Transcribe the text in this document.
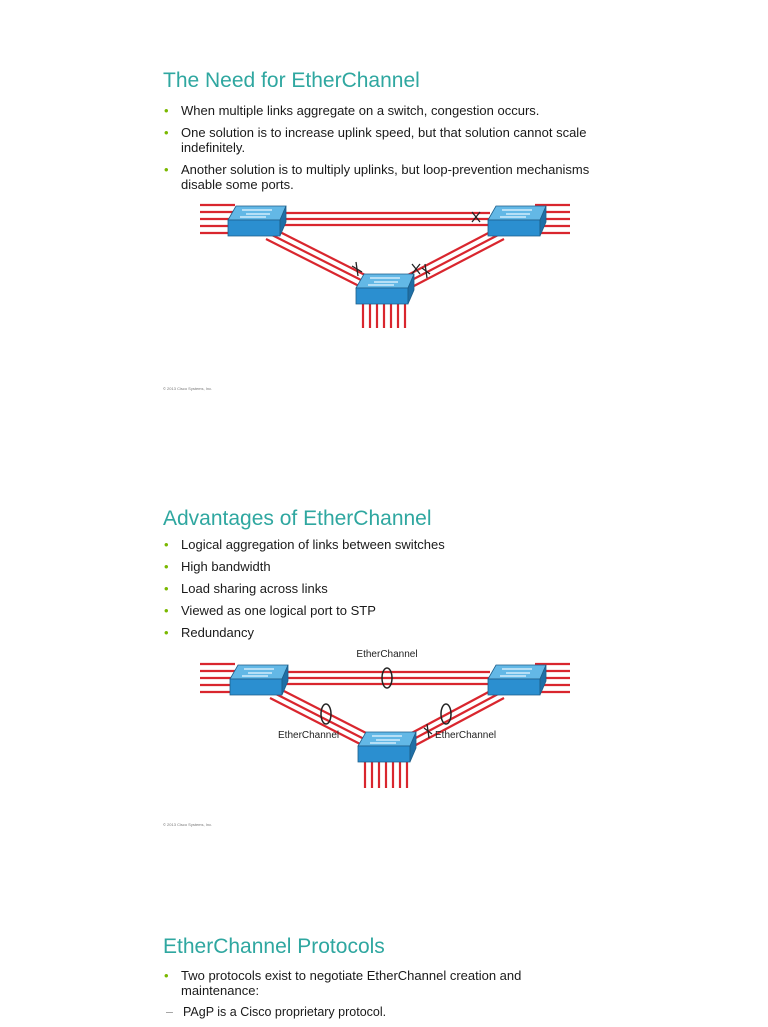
The Need for EtherChannel
• When multiple links aggregate on a switch, congestion occurs.
• One solution is to increase uplink speed, but that solution cannot scale indefinitely.
• Another solution is to multiply uplinks, but loop-prevention mechanisms disable some ports.
© 2013 Cisco Systems, Inc.
Advantages of EtherChannel
• Logical aggregation of links between switches
• High bandwidth
• Load sharing across links
• Viewed as one logical port to STP
• Redundancy
EtherChannel
EtherChannel	EtherChannel
© 2013 Cisco Systems, Inc.
EtherChannel Protocols
• Two protocols exist to negotiate EtherChannel creation and maintenance:
– PAgP is a Cisco proprietary protocol.
